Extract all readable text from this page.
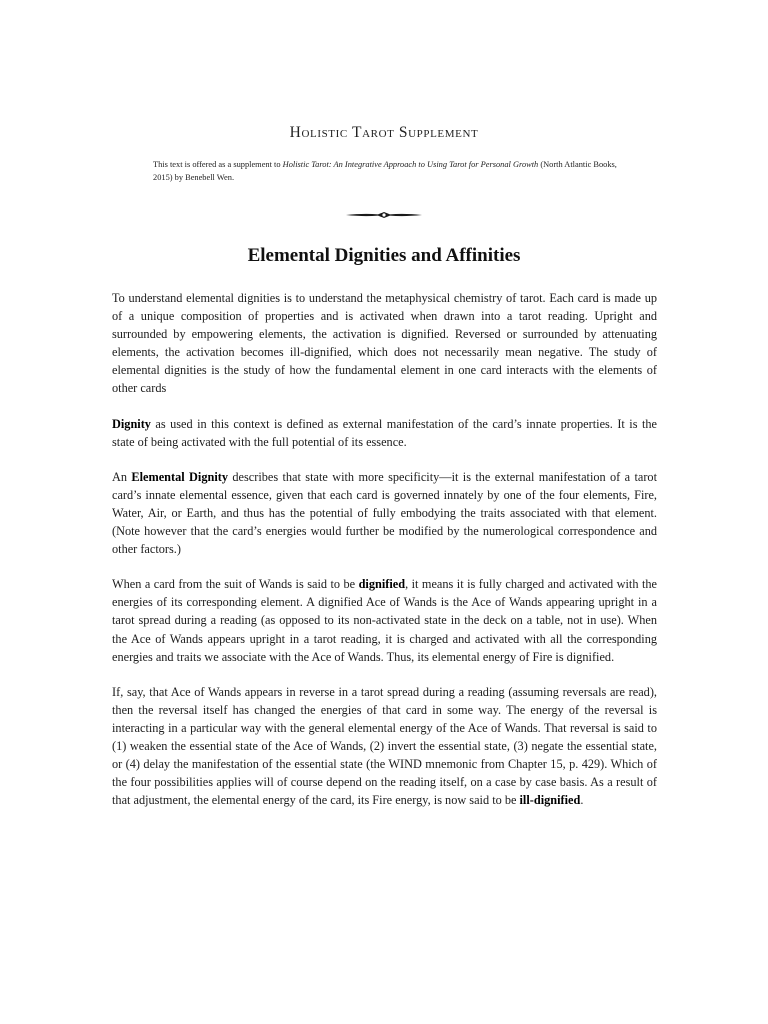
Holistic Tarot Supplement

This text is offered as a supplement to Holistic Tarot: An Integrative Approach to Using Tarot for Personal Growth (North Atlantic Books, 2015) by Benebell Wen.

Elemental Dignities and Affinities

To understand elemental dignities is to understand the metaphysical chemistry of tarot. Each card is made up of a unique composition of properties and is activated when drawn into a tarot reading. Upright and surrounded by empowering elements, the activation is dignified. Reversed or surrounded by attenuating elements, the activation becomes ill-dignified, which does not necessarily mean negative. The study of elemental dignities is the study of how the fundamental element in one card interacts with the elements of other cards

Dignity as used in this context is defined as external manifestation of the card’s innate properties. It is the state of being activated with the full potential of its essence.

An Elemental Dignity describes that state with more specificity—it is the external manifestation of a tarot card’s innate elemental essence, given that each card is governed innately by one of the four elements, Fire, Water, Air, or Earth, and thus has the potential of fully embodying the traits associated with that element. (Note however that the card’s energies would further be modified by the numerological correspondence and other factors.)

When a card from the suit of Wands is said to be dignified, it means it is fully charged and activated with the energies of its corresponding element. A dignified Ace of Wands is the Ace of Wands appearing upright in a tarot spread during a reading (as opposed to its non-activated state in the deck on a table, not in use). When the Ace of Wands appears upright in a tarot reading, it is charged and activated with all the corresponding energies and traits we associate with the Ace of Wands. Thus, its elemental energy of Fire is dignified.

If, say, that Ace of Wands appears in reverse in a tarot spread during a reading (assuming reversals are read), then the reversal itself has changed the energies of that card in some way. The energy of the reversal is interacting in a particular way with the general elemental energy of the Ace of Wands. That reversal is said to (1) weaken the essential state of the Ace of Wands, (2) invert the essential state, (3) negate the essential state, or (4) delay the manifestation of the essential state (the WIND mnemonic from Chapter 15, p. 429). Which of the four possibilities applies will of course depend on the reading itself, on a case by case basis. As a result of that adjustment, the elemental energy of the card, its Fire energy, is now said to be ill-dignified.
